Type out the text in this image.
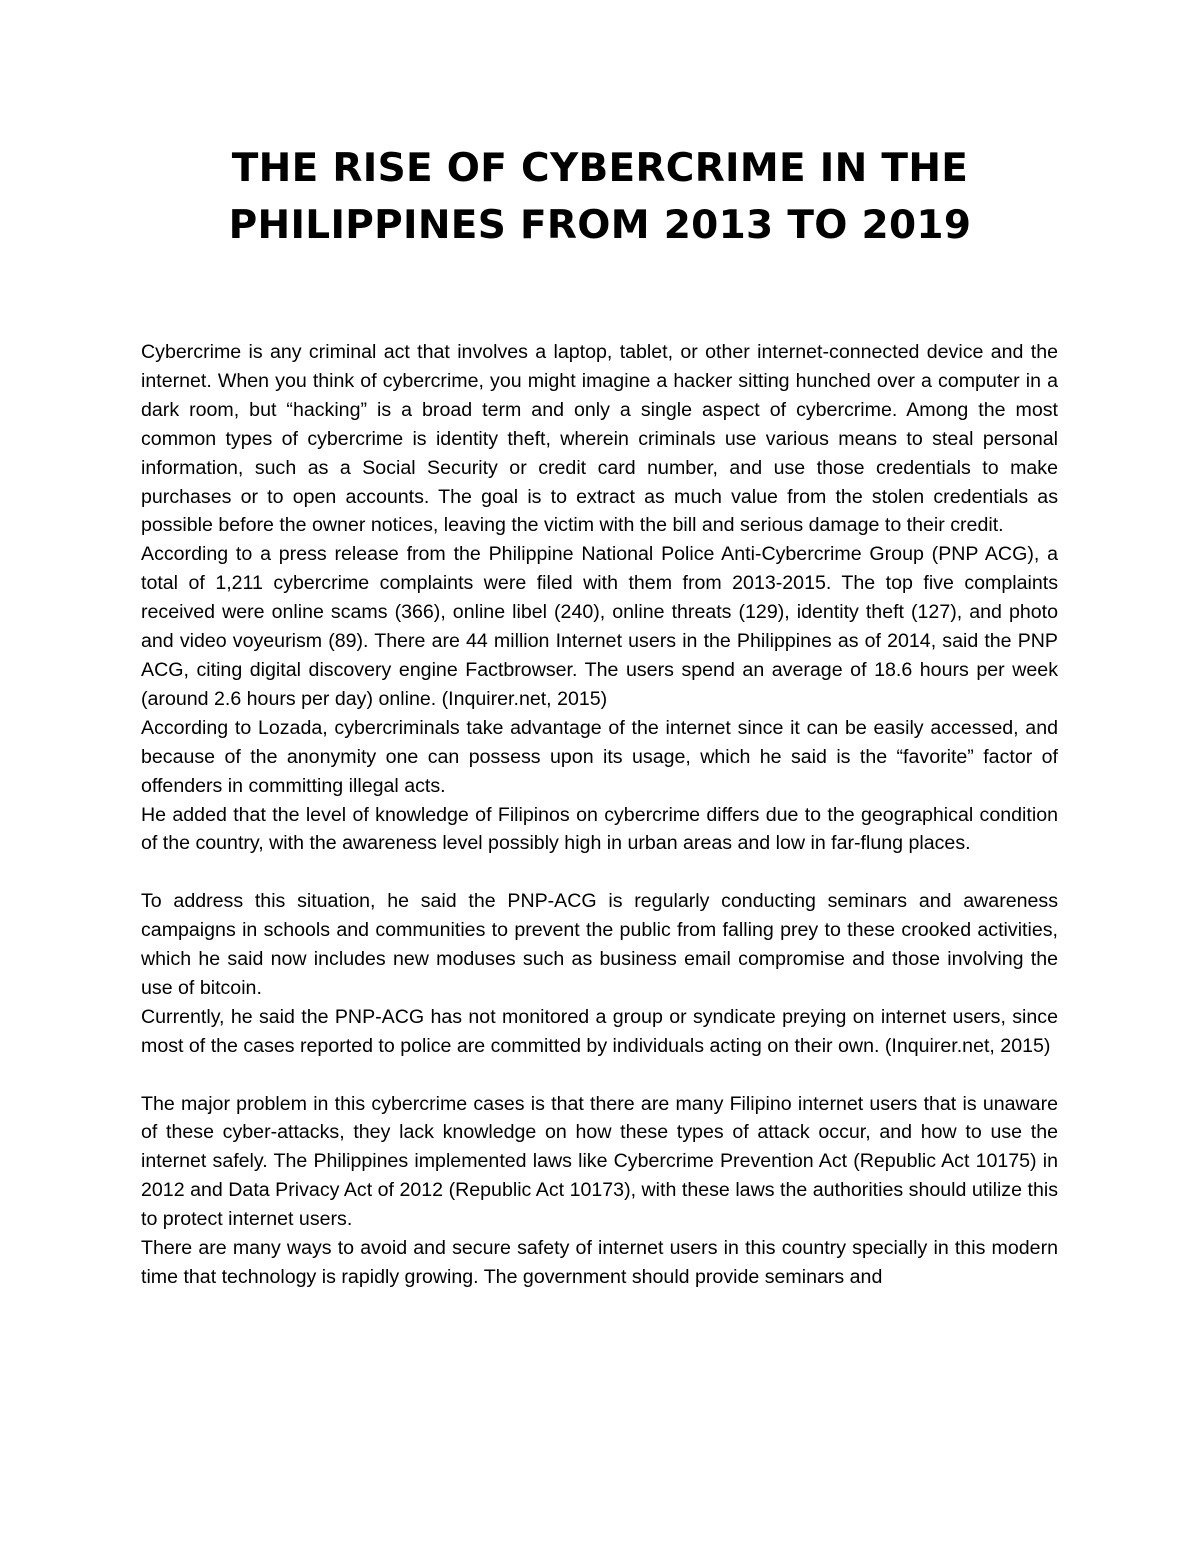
THE RISE OF CYBERCRIME IN THE PHILIPPINES FROM 2013 TO 2019

Cybercrime is any criminal act that involves a laptop, tablet, or other internet-connected device and the internet. When you think of cybercrime, you might imagine a hacker sitting hunched over a computer in a dark room, but “hacking” is a broad term and only a single aspect of cybercrime. Among the most common types of cybercrime is identity theft, wherein criminals use various means to steal personal information, such as a Social Security or credit card number, and use those credentials to make purchases or to open accounts. The goal is to extract as much value from the stolen credentials as possible before the owner notices, leaving the victim with the bill and serious damage to their credit.

According to a press release from the Philippine National Police Anti-Cybercrime Group (PNP ACG), a total of 1,211 cybercrime complaints were filed with them from 2013-2015. The top five complaints received were online scams (366), online libel (240), online threats (129), identity theft (127), and photo and video voyeurism (89). There are 44 million Internet users in the Philippines as of 2014, said the PNP ACG, citing digital discovery engine Factbrowser. The users spend an average of 18.6 hours per week (around 2.6 hours per day) online. (Inquirer.net, 2015)

According to Lozada, cybercriminals take advantage of the internet since it can be easily accessed, and because of the anonymity one can possess upon its usage, which he said is the “favorite” factor of offenders in committing illegal acts.

He added that the level of knowledge of Filipinos on cybercrime differs due to the geographical condition of the country, with the awareness level possibly high in urban areas and low in far-flung places.

To address this situation, he said the PNP-ACG is regularly conducting seminars and awareness campaigns in schools and communities to prevent the public from falling prey to these crooked activities, which he said now includes new moduses such as business email compromise and those involving the use of bitcoin.

Currently, he said the PNP-ACG has not monitored a group or syndicate preying on internet users, since most of the cases reported to police are committed by individuals acting on their own. (Inquirer.net, 2015)

The major problem in this cybercrime cases is that there are many Filipino internet users that is unaware of these cyber-attacks, they lack knowledge on how these types of attack occur, and how to use the internet safely. The Philippines implemented laws like Cybercrime Prevention Act (Republic Act 10175) in 2012 and Data Privacy Act of 2012 (Republic Act 10173), with these laws the authorities should utilize this to protect internet users.

There are many ways to avoid and secure safety of internet users in this country specially in this modern time that technology is rapidly growing. The government should provide seminars and
